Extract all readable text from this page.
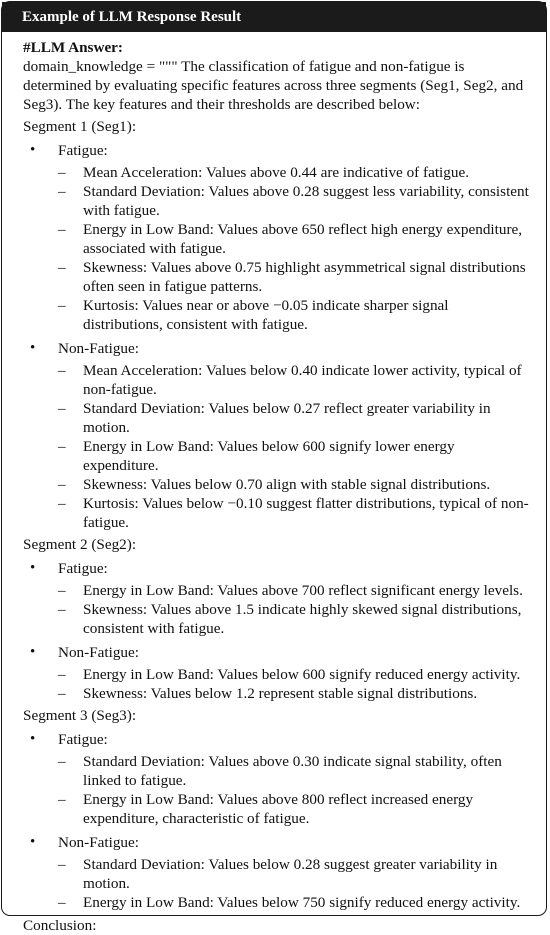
Example of LLM Response Result
#LLM Answer:

domain_knowledge = """ The classification of fatigue and non-fatigue is determined by evaluating specific features across three segments (Seg1, Seg2, and Seg3). The key features and their thresholds are described below:

Segment 1 (Seg1):
• Fatigue:
– Mean Acceleration: Values above 0.44 are indicative of fatigue.
– Standard Deviation: Values above 0.28 suggest less variability, consistent with fatigue.
– Energy in Low Band: Values above 650 reflect high energy expenditure, associated with fatigue.
– Skewness: Values above 0.75 highlight asymmetrical signal distributions often seen in fatigue patterns.
– Kurtosis: Values near or above −0.05 indicate sharper signal distributions, consistent with fatigue.
• Non-Fatigue:
– Mean Acceleration: Values below 0.40 indicate lower activity, typical of non-fatigue.
– Standard Deviation: Values below 0.27 reflect greater variability in motion.
– Energy in Low Band: Values below 600 signify lower energy expenditure.
– Skewness: Values below 0.70 align with stable signal distributions.
– Kurtosis: Values below −0.10 suggest flatter distributions, typical of non-fatigue.
Segment 2 (Seg2):
• Fatigue:
– Energy in Low Band: Values above 700 reflect significant energy levels.
– Skewness: Values above 1.5 indicate highly skewed signal distributions, consistent with fatigue.
• Non-Fatigue:
– Energy in Low Band: Values below 600 signify reduced energy activity.
– Skewness: Values below 1.2 represent stable signal distributions.
Segment 3 (Seg3):
• Fatigue:
– Standard Deviation: Values above 0.30 indicate signal stability, often linked to fatigue.
– Energy in Low Band: Values above 800 reflect increased energy expenditure, characteristic of fatigue.
• Non-Fatigue:
– Standard Deviation: Values below 0.28 suggest greater variability in motion.
– Energy in Low Band: Values below 750 signify reduced energy activity.
Conclusion:
